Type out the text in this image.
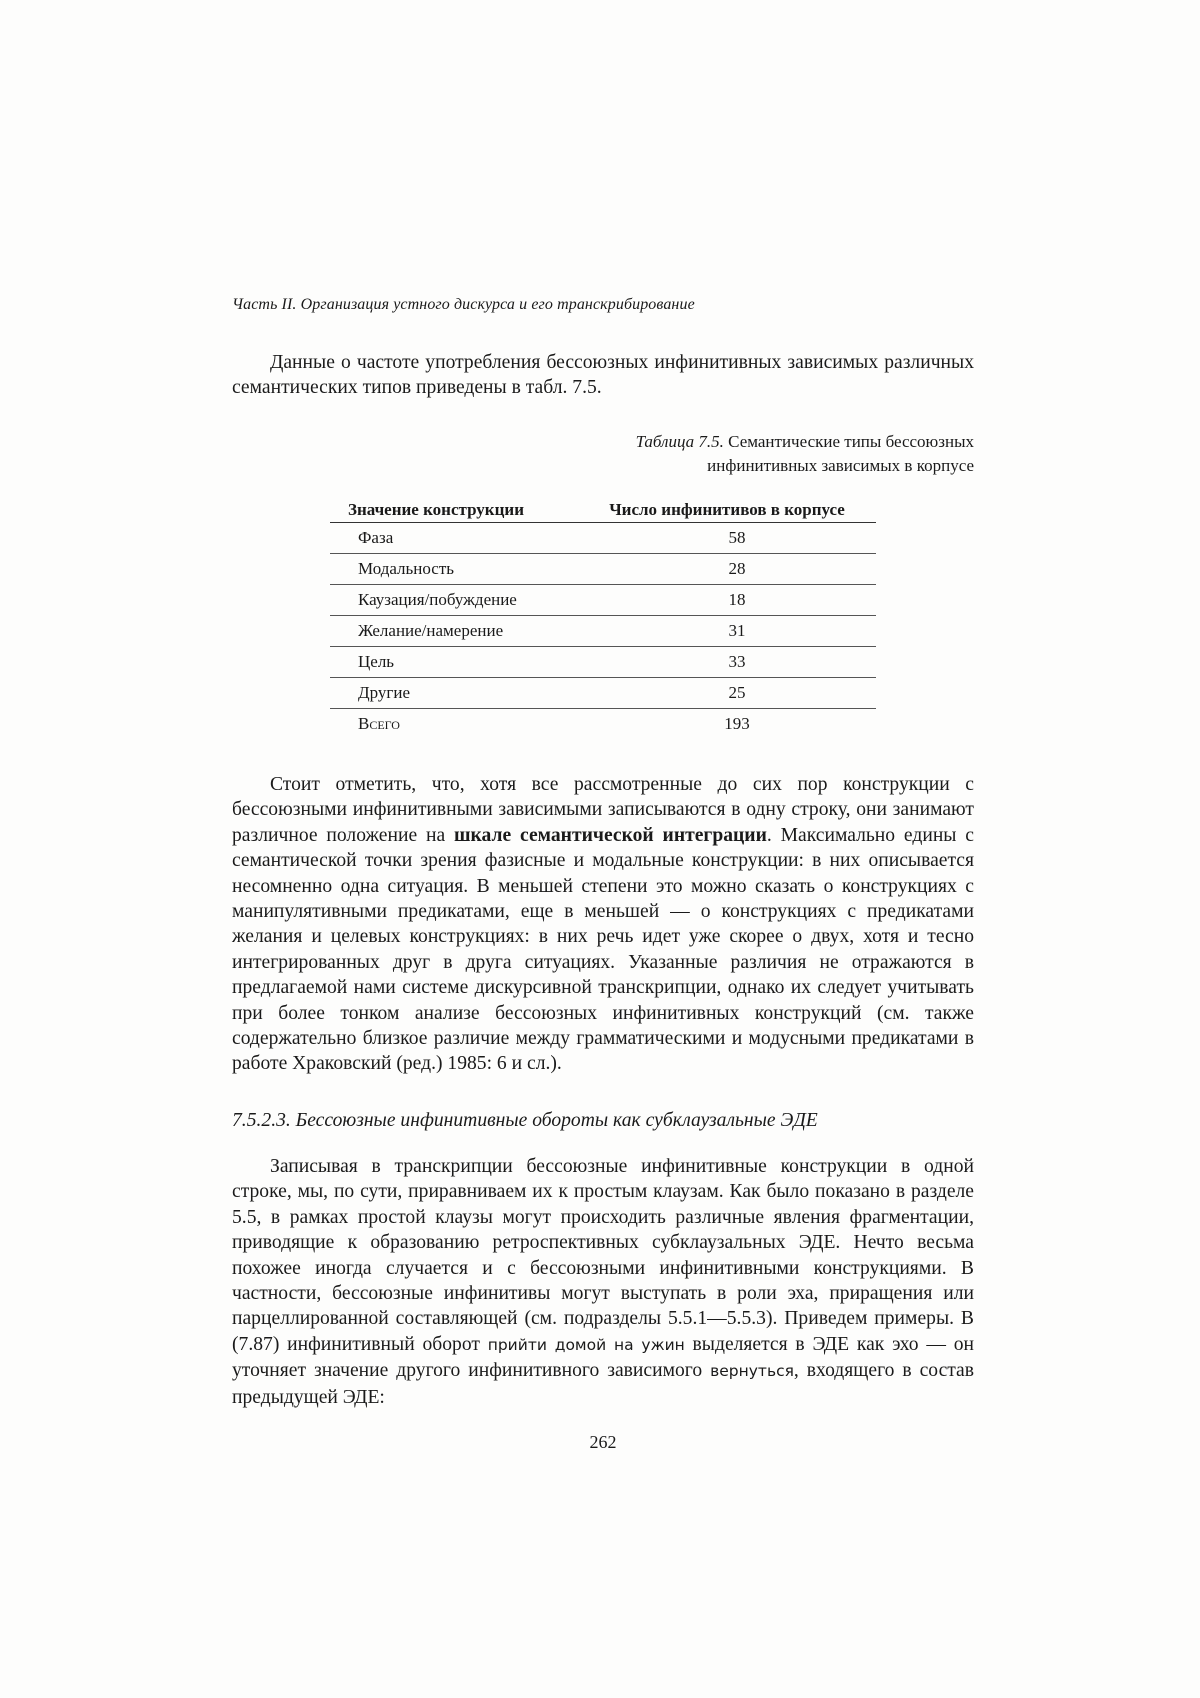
Часть II. Организация устного дискурса и его транскрибирование

Данные о частоте употребления бессоюзных инфинитивных зависимых различных семантических типов приведены в табл. 7.5.

Таблица 7.5. Семантические типы бессоюзных
инфинитивных зависимых в корпусе
Значение конструкции	Число инфинитивов в корпусе
Фаза	58
Модальность	28
Каузация/побуждение	18
Желание/намерение	31
Цель	33
Другие	25
Всего	193

Стоит отметить, что, хотя все рассмотренные до сих пор конструкции с бессоюзными инфинитивными зависимыми записываются в одну строку, они занимают различное положение на шкале семантической интеграции. Максимально едины с семантической точки зрения фазисные и модальные конструкции: в них описывается несомненно одна ситуация. В меньшей степени это можно сказать о конструкциях с манипулятивными предикатами, еще в меньшей — о конструкциях с предикатами желания и целевых конструкциях: в них речь идет уже скорее о двух, хотя и тесно интегрированных друг в друга ситуациях. Указанные различия не отражаются в предлагаемой нами системе дискурсивной транскрипции, однако их следует учитывать при более тонком анализе бессоюзных инфинитивных конструкций (см. также содержательно близкое различие между грамматическими и модусными предикатами в работе Храковский (ред.) 1985: 6 и сл.).

7.5.2.3. Бессоюзные инфинитивные обороты как субклаузальные ЭДЕ

Записывая в транскрипции бессоюзные инфинитивные конструкции в одной строке, мы, по сути, приравниваем их к простым клаузам. Как было показано в разделе 5.5, в рамках простой клаузы могут происходить различные явления фрагментации, приводящие к образованию ретроспективных субклаузальных ЭДЕ. Нечто весьма похожее иногда случается и с бессоюзными инфинитивными конструкциями. В частности, бессоюзные инфинитивы могут выступать в роли эха, приращения или парцеллированной составляющей (см. подразделы 5.5.1—5.5.3). Приведем примеры. В (7.87) инфинитивный оборот прийти домой на ужин выделяется в ЭДЕ как эхо — он уточняет значение другого инфинитивного зависимого вернуться, входящего в состав предыдущей ЭДЕ:

262
